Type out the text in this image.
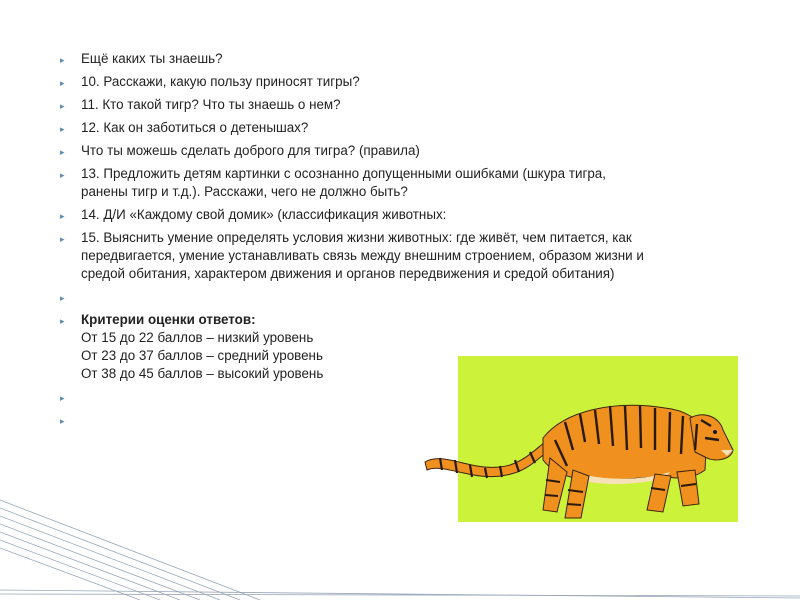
▸ Ещё каких ты знаешь?
▸ 10. Расскажи, какую пользу приносят тигры?
▸ 11. Кто такой тигр? Что ты знаешь о нем?
▸ 12. Как он заботиться о детенышах?
▸ Что ты можешь сделать доброго для тигра? (правила)
▸ 13. Предложить детям картинки с осознанно допущенными ошибками (шкура тигра, ранены тигр и т.д.). Расскажи, чего не должно быть?
▸ 14. Д/И «Каждому свой домик» (классификация животных:
▸ 15. Выяснить умение определять условия жизни животных: где живёт, чем питается, как передвигается, умение устанавливать связь между внешним строением, образом жизни и средой обитания, характером движения и органов передвижения и средой обитания)
▸
▸ Критерии оценки ответов:
От 15 до 22 баллов – низкий уровень
От 23 до 37 баллов – средний уровень
От 38 до 45 баллов – высокий уровень
▸
▸
